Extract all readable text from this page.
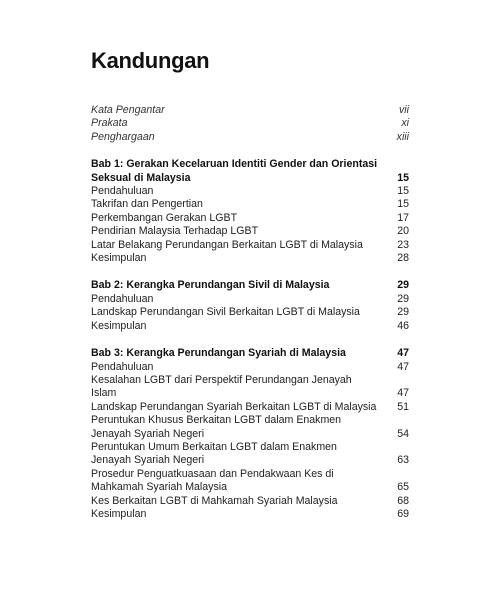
Kandungan
Kata Pengantar	vii
Prakata	xi
Penghargaan	xiii
Bab 1: Gerakan Kecelaruan Identiti Gender dan Orientasi Seksual di Malaysia	15
Pendahuluan	15
Takrifan dan Pengertian	15
Perkembangan Gerakan LGBT	17
Pendirian Malaysia Terhadap LGBT	20
Latar Belakang Perundangan Berkaitan LGBT di Malaysia	23
Kesimpulan	28
Bab 2: Kerangka Perundangan Sivil di Malaysia	29
Pendahuluan	29
Landskap Perundangan Sivil Berkaitan LGBT di Malaysia	29
Kesimpulan	46
Bab 3: Kerangka Perundangan Syariah di Malaysia	47
Pendahuluan	47
Kesalahan LGBT dari Perspektif Perundangan Jenayah Islam	47
Landskap Perundangan Syariah Berkaitan LGBT di Malaysia	51
Peruntukan Khusus Berkaitan LGBT dalam Enakmen Jenayah Syariah Negeri	54
Peruntukan Umum Berkaitan LGBT dalam Enakmen Jenayah Syariah Negeri	63
Prosedur Penguatkuasaan dan Pendakwaan Kes di Mahkamah Syariah Malaysia	65
Kes Berkaitan LGBT di Mahkamah Syariah Malaysia	68
Kesimpulan	69
